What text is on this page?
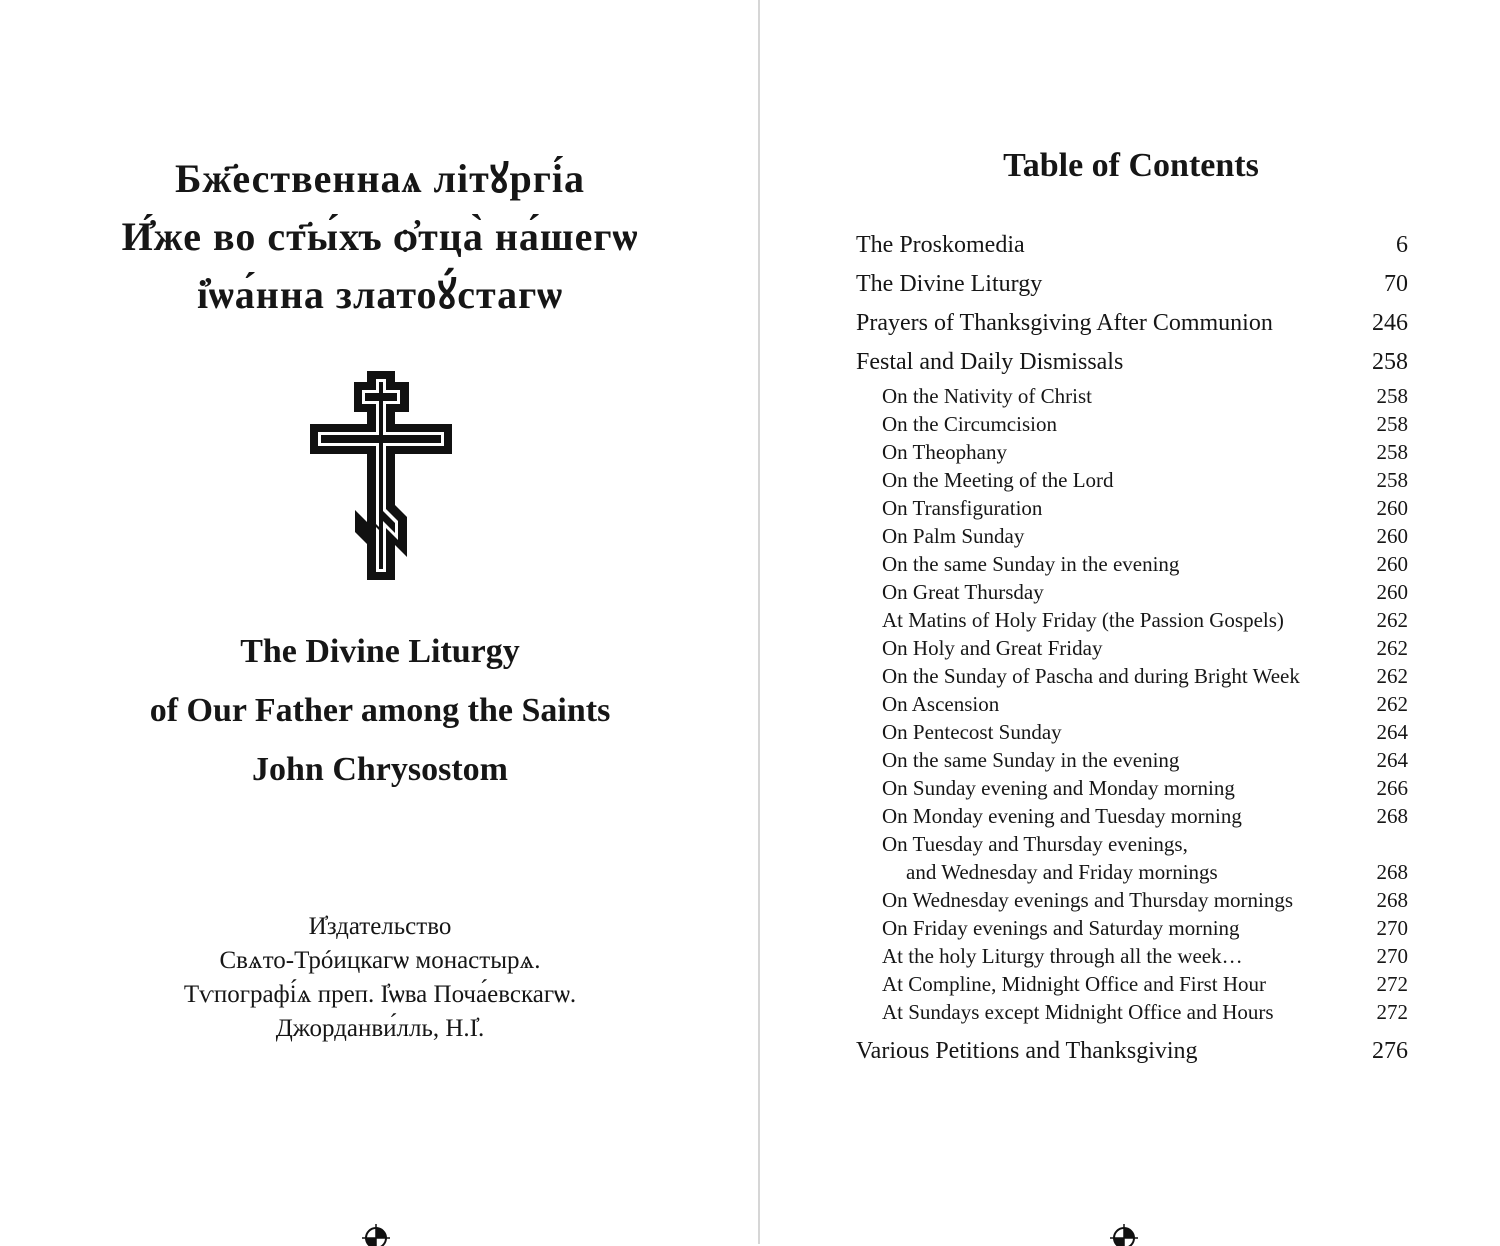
Бж҃ественнаѧ літꙋргі́а
И҆́же во ст҃ы́хъ ѻ҆тца̀ на́шегѡ
і҆ѡа́нна златоꙋ́стагѡ
The Divine Liturgy
of Our Father among the Saints
John Chrysostom
И҆здательство
Свѧто-Трóицкагѡ монастырѧ.
Тѵпографі́ѧ преп. І҆ѡва Поча́евскагѡ.
Джорданви́лль, Н.І҆.
Table of Contents
The Proskomedia	6
The Divine Liturgy	70
Prayers of Thanksgiving After Communion	246
Festal and Daily Dismissals	258
On the Nativity of Christ	258
On the Circumcision	258
On Theophany	258
On the Meeting of the Lord	258
On Transfiguration	260
On Palm Sunday	260
On the same Sunday in the evening	260
On Great Thursday	260
At Matins of Holy Friday (the Passion Gospels)	262
On Holy and Great Friday	262
On the Sunday of Pascha and during Bright Week	262
On Ascension	262
On Pentecost Sunday	264
On the same Sunday in the evening	264
On Sunday evening and Monday morning	266
On Monday evening and Tuesday morning	268
On Tuesday and Thursday evenings,
and Wednesday and Friday mornings	268
On Wednesday evenings and Thursday mornings	268
On Friday evenings and Saturday morning	270
At the holy Liturgy through all the week…	270
At Compline, Midnight Office and First Hour	272
At Sundays except Midnight Office and Hours	272
Various Petitions and Thanksgiving	276
